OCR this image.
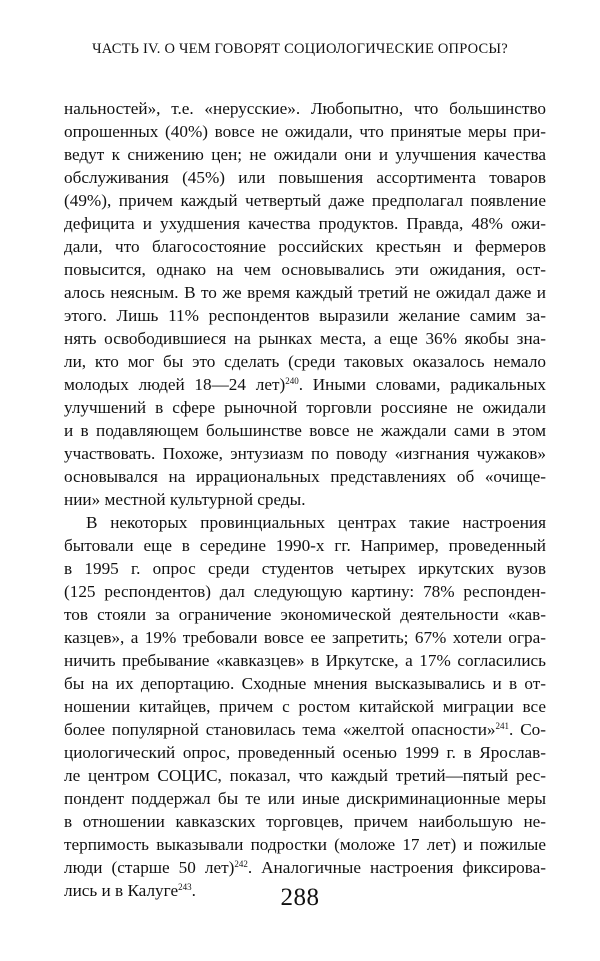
ЧАСТЬ IV. О ЧЕМ ГОВОРЯТ СОЦИОЛОГИЧЕСКИЕ ОПРОСЫ?
нальностей», т.е. «нерусские». Любопытно, что большинство
опрошенных (40%) вовсе не ожидали, что принятые меры при-
ведут к снижению цен; не ожидали они и улучшения качества
обслуживания (45%) или повышения ассортимента товаров
(49%), причем каждый четвертый даже предполагал появление
дефицита и ухудшения качества продуктов. Правда, 48% ожи-
дали, что благосостояние российских крестьян и фермеров
повысится, однако на чем основывались эти ожидания, ост-
алось неясным. В то же время каждый третий не ожидал даже и
этого. Лишь 11% респондентов выразили желание самим за-
нять освободившиеся на рынках места, а еще 36% якобы зна-
ли, кто мог бы это сделать (среди таковых оказалось немало
молодых людей 18—24 лет)$^{240}$. Иными словами, радикальных
улучшений в сфере рыночной торговли россияне не ожидали
и в подавляющем большинстве вовсе не жаждали сами в этом
участвовать. Похоже, энтузиазм по поводу «изгнания чужаков»
основывался на иррациональных представлениях об «очище-
нии» местной культурной среды.
В некоторых провинциальных центрах такие настроения
бытовали еще в середине 1990-х гг. Например, проведенный
в 1995 г. опрос среди студентов четырех иркутских вузов
(125 респондентов) дал следующую картину: 78% респонден-
тов стояли за ограничение экономической деятельности «кав-
казцев», а 19% требовали вовсе ее запретить; 67% хотели огра-
ничить пребывание «кавказцев» в Иркутске, а 17% согласились
бы на их депортацию. Сходные мнения высказывались и в от-
ношении китайцев, причем с ростом китайской миграции все
более популярной становилась тема «желтой опасности»$^{241}$. Со-
циологический опрос, проведенный осенью 1999 г. в Ярослав-
ле центром СОЦИС, показал, что каждый третий—пятый рес-
пондент поддержал бы те или иные дискриминационные меры
в отношении кавказских торговцев, причем наибольшую не-
терпимость выказывали подростки (моложе 17 лет) и пожилые
люди (старше 50 лет)$^{242}$. Аналогичные настроения фиксирова-
лись и в Калуге$^{243}$.	288
